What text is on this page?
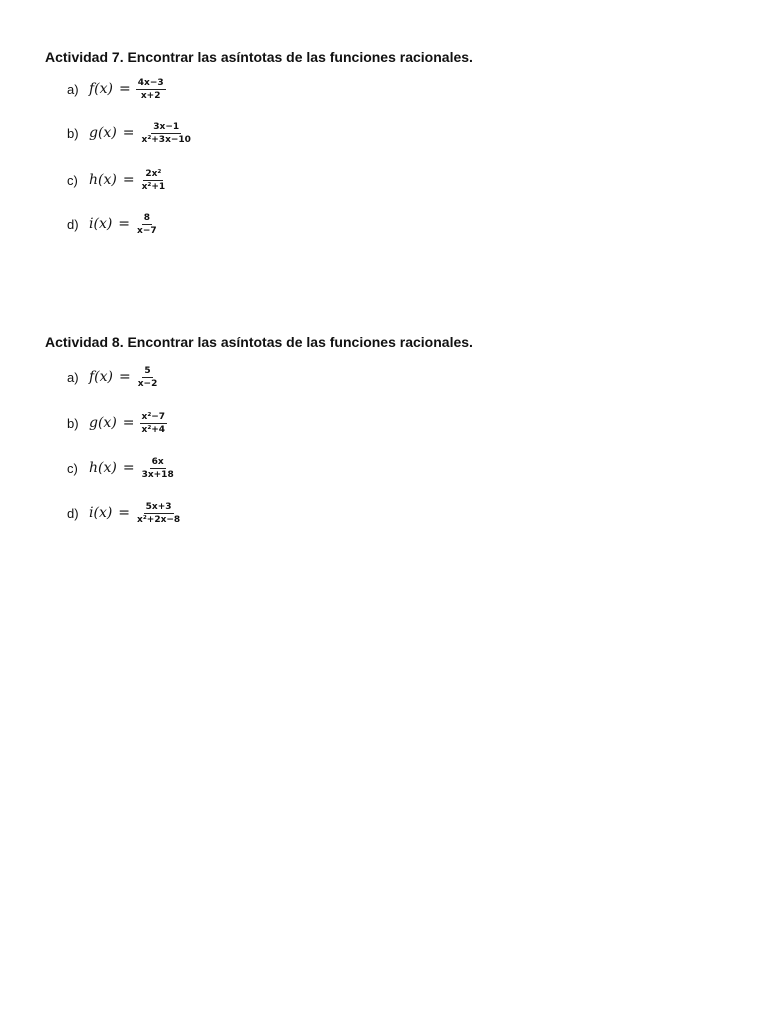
Actividad 7. Encontrar las asíntotas de las funciones racionales.

a) $f(x) = \frac{4x-3}{x+2}$
b) $g(x) = \frac{3x-1}{\text{x²+3x−10}}$
c) $h(x) = \frac{\text{2x²}}{\text{x²+1}}$
d) $i(x) = \frac{8}{x-7}$

Actividad 8. Encontrar las asíntotas de las funciones racionales.

a) $f(x) = \frac{5}{x-2}$
b) $g(x) = \frac{\text{x²−7}}{\text{x²+4}}$
c) $h(x) = \frac{6x}{3x+18}$
d) $i(x) = \frac{5x+3}{\text{x²+2x−8}}$
